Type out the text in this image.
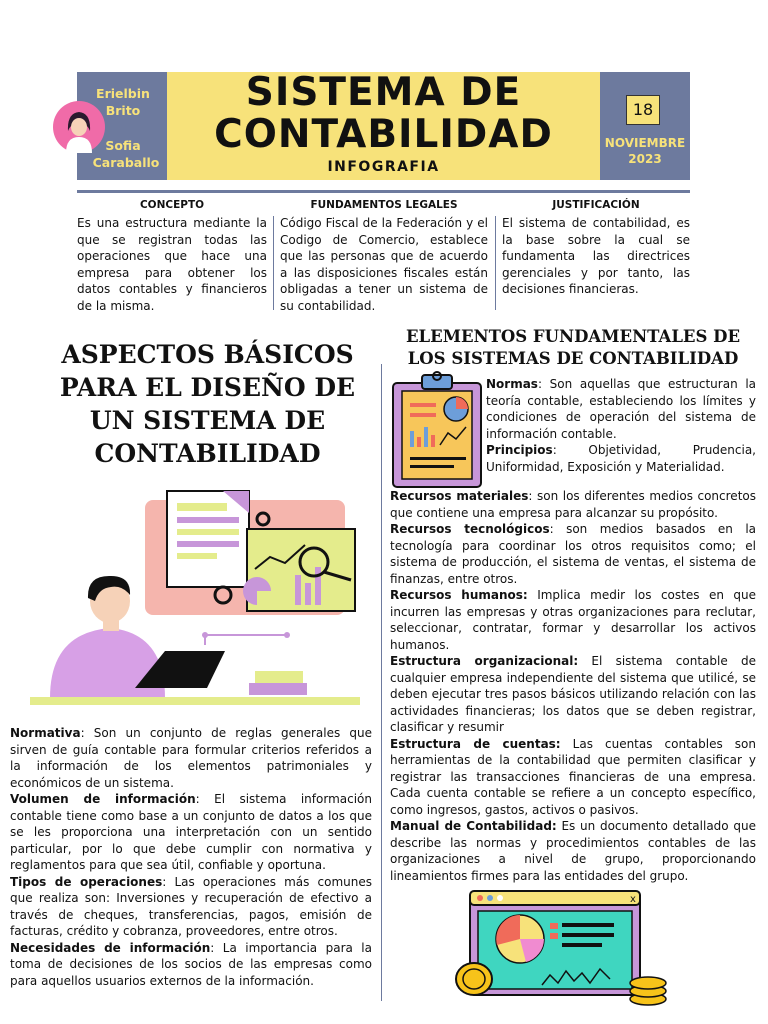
Erielbin
Brito
Sofia
Caraballo
SISTEMA DE
CONTABILIDAD
INFOGRAFIA
18
NOVIEMBRE
2023
CONCEPTO
Es una estructura mediante la que se registran todas las operaciones que hace una empresa para obtener los datos contables y financieros de la misma.
FUNDAMENTOS LEGALES
Código Fiscal de la Federación y el Codigo de Comercio, establece que las personas que de acuerdo a las disposiciones fiscales están obligadas a tener un sistema de su contabilidad.
JUSTIFICACIÓN
El sistema de contabilidad, es la base sobre la cual se fundamenta las directrices gerenciales y por tanto, las decisiones financieras.
ASPECTOS BÁSICOS PARA EL DISEÑO DE UN SISTEMA DE CONTABILIDAD

Normativa: Son un conjunto de reglas generales que sirven de guía contable para formular criterios referidos a la información de los elementos patrimoniales y económicos de un sistema.

Volumen de información: El sistema información contable tiene como base a un conjunto de datos a los que se les proporciona una interpretación con un sentido particular, por lo que debe cumplir con normativa y reglamentos para que sea útil, confiable y oportuna.

Tipos de operaciones: Las operaciones más comunes que realiza son: Inversiones y recuperación de efectivo a través de cheques, transferencias, pagos, emisión de facturas, crédito y cobranza, proveedores, entre otros.

Necesidades de información: La importancia para la toma de decisiones de los socios de las empresas como para aquellos usuarios externos de la información.

ELEMENTOS FUNDAMENTALES DE LOS SISTEMAS DE CONTABILIDAD

Normas: Son aquellas que estructuran la teoría contable, estableciendo los límites y condiciones de operación del sistema de información contable.

Principios: Objetividad, Prudencia, Uniformidad, Exposición y Materialidad.

Recursos materiales: son los diferentes medios concretos que contiene una empresa para alcanzar su propósito.

Recursos tecnológicos: son medios basados en la tecnología para coordinar los otros requisitos como; el sistema de producción, el sistema de ventas, el sistema de finanzas, entre otros.

Recursos humanos: Implica medir los costes en que incurren las empresas y otras organizaciones para reclutar, seleccionar, contratar, formar y desarrollar los activos humanos.

Estructura organizacional: El sistema contable de cualquier empresa independiente del sistema que utilicé, se deben ejecutar tres pasos básicos utilizando relación con las actividades financieras; los datos que se deben registrar, clasificar y resumir

Estructura de cuentas: Las cuentas contables son herramientas de la contabilidad que permiten clasificar y registrar las transacciones financieras de una empresa. Cada cuenta contable se refiere a un concepto específico, como ingresos, gastos, activos o pasivos.

Manual de Contabilidad: Es un documento detallado que describe las normas y procedimientos contables de las organizaciones a nivel de grupo, proporcionando lineamientos firmes para las entidades del grupo.

x
